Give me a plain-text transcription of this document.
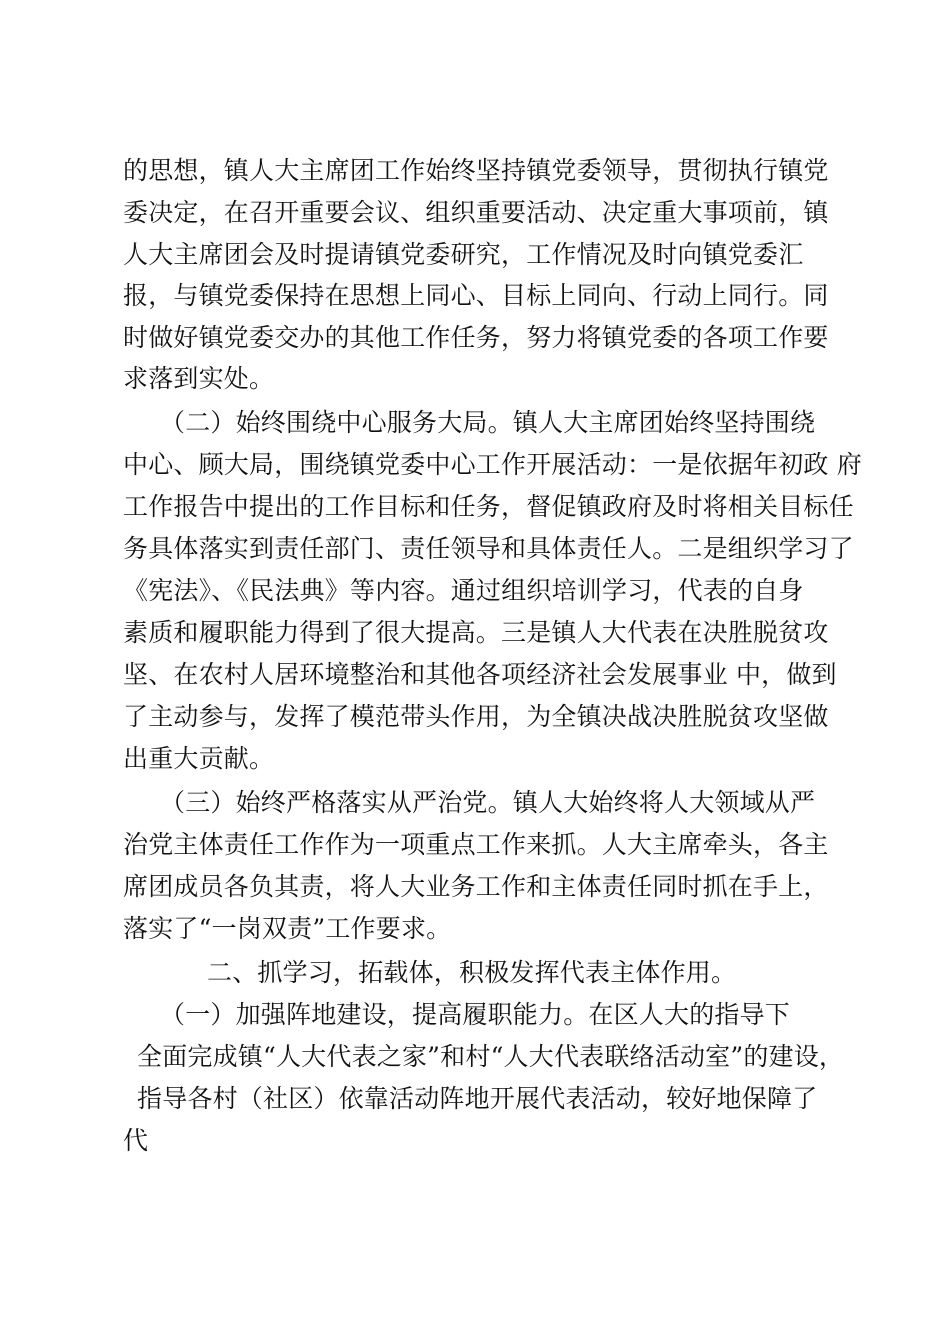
的思想，镇人大主席团工作始终坚持镇党委领导，贯彻执行镇党
委决定，在召开重要会议、组织重要活动、决定重大事项前，镇
人大主席团会及时提请镇党委研究，工作情况及时向镇党委汇
报，与镇党委保持在思想上同心、目标上同向、行动上同行。同
时做好镇党委交办的其他工作任务，努力将镇党委的各项工作要
求落到实处。
（二）始终围绕中心服务大局。镇人大主席团始终坚持围绕
中心、顾大局，围绕镇党委中心工作开展活动：一是依据年初政 府
工作报告中提出的工作目标和任务，督促镇政府及时将相关目标任
务具体落实到责任部门、责任领导和具体责任人。二是组织学习了
《宪法》、《民法典》等内容。通过组织培训学习，代表的自身
素质和履职能力得到了很大提高。三是镇人大代表在决胜脱贫攻
坚、在农村人居环境整治和其他各项经济社会发展事业 中，做到
了主动参与，发挥了模范带头作用，为全镇决战决胜脱贫攻坚做
出重大贡献。
（三）始终严格落实从严治党。镇人大始终将人大领域从严
治党主体责任工作作为一项重点工作来抓。人大主席牵头，各主
席团成员各负其责，将人大业务工作和主体责任同时抓在手上，
落实了“一岗双责”工作要求。
二、抓学习，拓载体，积极发挥代表主体作用。
（一）加强阵地建设，提高履职能力。在区人大的指导下
全面完成镇“人大代表之家”和村“人大代表联络活动室”的建设，
指导各村（社区）依靠活动阵地开展代表活动，较好地保障了
代
